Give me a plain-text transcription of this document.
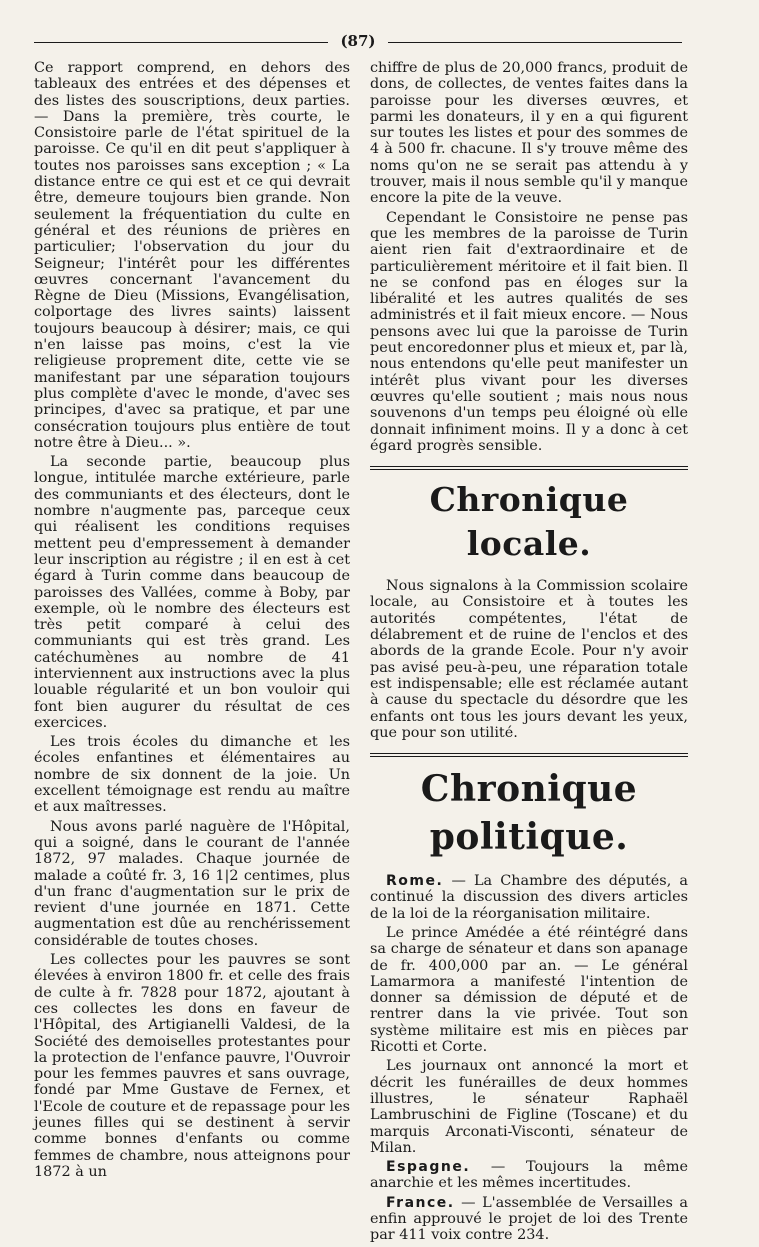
(87)

Ce rapport comprend, en dehors des tableaux des entrées et des dépenses et des listes des souscriptions, deux parties. — Dans la première, très courte, le Consistoire parle de l'état spirituel de la paroisse. Ce qu'il en dit peut s'appliquer à toutes nos paroisses sans exception ; « La distance entre ce qui est et ce qui devrait être, demeure toujours bien grande. Non seulement la fréquentiation du culte en général et des réunions de prières en particulier; l'observation du jour du Seigneur; l'intérêt pour les différentes œuvres concernant l'avancement du Règne de Dieu (Missions, Evangélisation, colportage des livres saints) laissent toujours beaucoup à désirer; mais, ce qui n'en laisse pas moins, c'est la vie religieuse proprement dite, cette vie se manifestant par une séparation toujours plus complète d'avec le monde, d'avec ses principes, d'avec sa pratique, et par une consécration toujours plus entière de tout notre être à Dieu... ».

La seconde partie, beaucoup plus longue, intitulée marche extérieure, parle des communiants et des électeurs, dont le nombre n'augmente pas, parceque ceux qui réalisent les conditions requises mettent peu d'empressement à demander leur inscription au régistre ; il en est à cet égard à Turin comme dans beaucoup de paroisses des Vallées, comme à Boby, par exemple, où le nombre des électeurs est très petit comparé à celui des communiants qui est très grand. Les catéchumènes au nombre de 41 interviennent aux instructions avec la plus louable régularité et un bon vouloir qui font bien augurer du résultat de ces exercices.

Les trois écoles du dimanche et les écoles enfantines et élémentaires au nombre de six donnent de la joie. Un excellent témoignage est rendu au maître et aux maîtresses.

Nous avons parlé naguère de l'Hôpital, qui a soigné, dans le courant de l'année 1872, 97 malades. Chaque journée de malade a coûté fr. 3, 16 1|2 centimes, plus d'un franc d'augmentation sur le prix de revient d'une journée en 1871. Cette augmentation est dûe au renchérissement considérable de toutes choses.

Les collectes pour les pauvres se sont élevées à environ 1800 fr. et celle des frais de culte à fr. 7828 pour 1872, ajoutant à ces collectes les dons en faveur de l'Hôpital, des Artigianelli Valdesi, de la Société des demoiselles protestantes pour la protection de l'enfance pauvre, l'Ouvroir pour les femmes pauvres et sans ouvrage, fondé par Mme Gustave de Fernex, et l'Ecole de couture et de repassage pour les jeunes filles qui se destinent à servir comme bonnes d'enfants ou comme femmes de chambre, nous atteignons pour 1872 à un

chiffre de plus de 20,000 francs, produit de dons, de collectes, de ventes faites dans la paroisse pour les diverses œuvres, et parmi les donateurs, il y en a qui figurent sur toutes les listes et pour des sommes de 4 à 500 fr. chacune. Il s'y trouve même des noms qu'on ne se serait pas attendu à y trouver, mais il nous semble qu'il y manque encore la pite de la veuve.

Cependant le Consistoire ne pense pas que les membres de la paroisse de Turin aient rien fait d'extraordinaire et de particulièrement méritoire et il fait bien. Il ne se confond pas en éloges sur la libéralité et les autres qualités de ses administrés et il fait mieux encore. — Nous pensons avec lui que la paroisse de Turin peut encoredonner plus et mieux et, par là, nous entendons qu'elle peut manifester un intérêt plus vivant pour les diverses œuvres qu'elle soutient ; mais nous nous souvenons d'un temps peu éloigné où elle donnait infiniment moins. Il y a donc à cet égard progrès sensible.

Chronique locale.

Nous signalons à la Commission scolaire locale, au Consistoire et à toutes les autorités compétentes, l'état de délabrement et de ruine de l'enclos et des abords de la grande Ecole. Pour n'y avoir pas avisé peu-à-peu, une réparation totale est indispensable; elle est réclamée autant à cause du spectacle du désordre que les enfants ont tous les jours devant les yeux, que pour son utilité.

Chronique politique.

Rome. — La Chambre des députés, a continué la discussion des divers articles de la loi de la réorganisation militaire.

Le prince Amédée a été réintégré dans sa charge de sénateur et dans son apanage de fr. 400,000 par an. — Le général Lamarmora a manifesté l'intention de donner sa démission de député et de rentrer dans la vie privée. Tout son système militaire est mis en pièces par Ricotti et Corte.

Les journaux ont annoncé la mort et décrit les funérailles de deux hommes illustres, le sénateur Raphaël Lambruschini de Figline (Toscane) et du marquis Arconati-Visconti, sénateur de Milan.

Espagne. — Toujours la même anarchie et les mêmes incertitudes.

France. — L'assemblée de Versailles a enfin approuvé le projet de loi des Trente par 411 voix contre 234.
